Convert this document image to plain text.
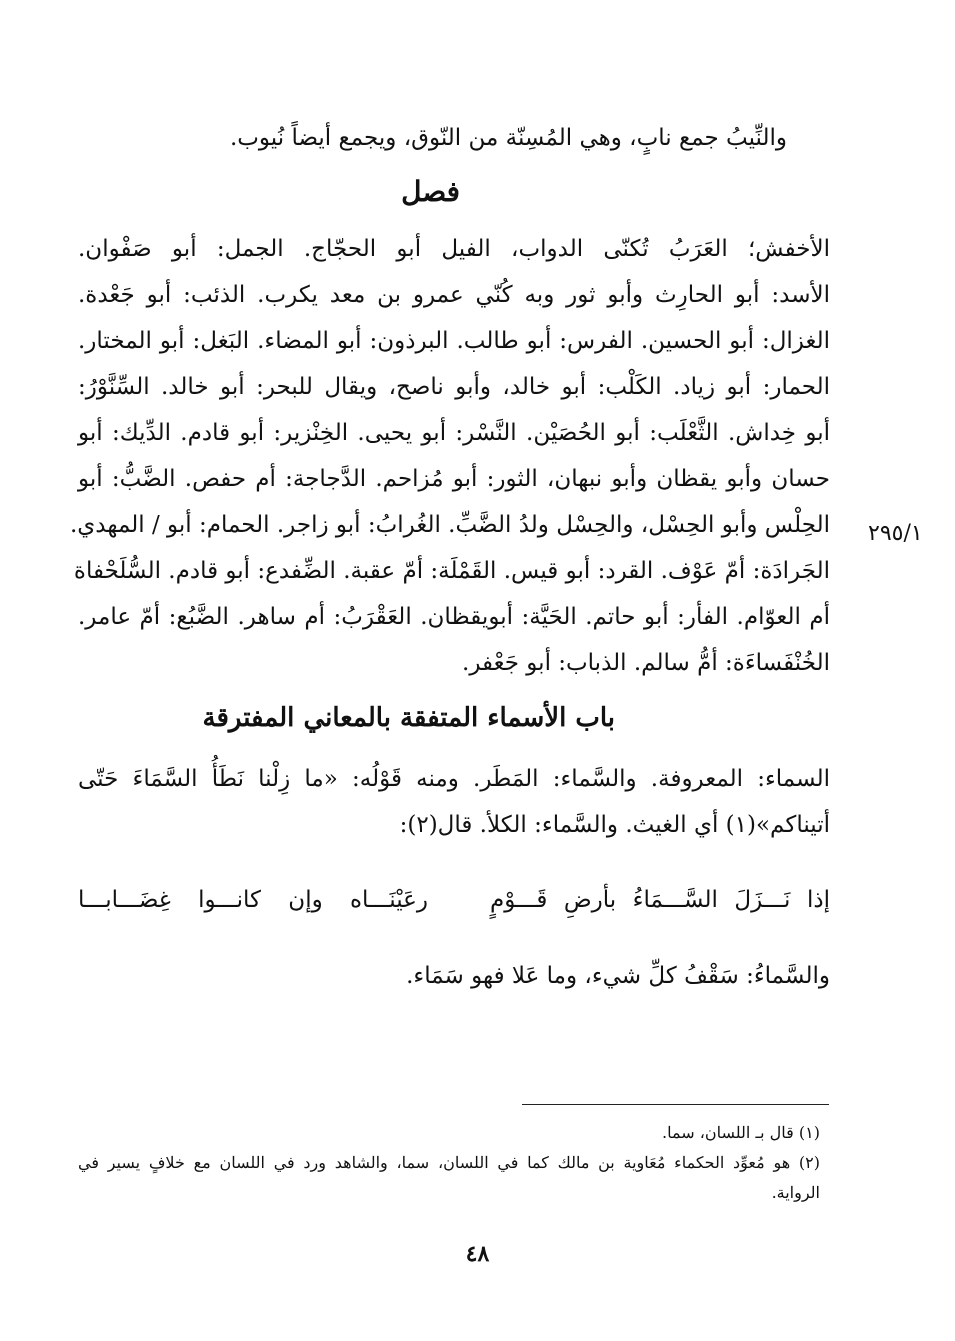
والنِّيبُ جمع نابٍ، وهي المُسِنّة من النّوق، ويجمع أيضاً نُيوب.
فصل
الأخفش؛ العَرَبُ تُكنّى الدواب، الفيل أبو الحجّاج. الجمل: أبو صَفْوان.
الأسد: أبو الحارِث وأبو ثور وبه كُنّي عمرو بن معد يكرب. الذئب: أبو جَعْدة.
الغزال: أبو الحسين. الفرس: أبو طالب. البرذون: أبو المضاء. البَغل: أبو المختار.
الحمار: أبو زياد. الكَلْب: أبو خالد، وأبو ناصح، ويقال للبحر: أبو خالد. السِّنَّوْرُ:
أبو خِداش. الثَّعْلَب: أبو الحُصَيْن. النَّسْر: أبو يحيى. الخِنْزير: أبو قادم. الدِّيك: أبو
حسان وأبو يقظان وأبو نبهان، الثور: أبو مُزاحم. الدَّجاجة: أم حفص. الضَّبُّ: أبو
الحِلْس وأبو الحِسْل، والحِسْل ولدُ الضَّبِّ. الغُرابُ: أبو زاجر. الحمام: أبو / المهدي.
الجَرادَة: أمّ عَوْف. القرد: أبو قيس. القَمْلَة: أمّ عقبة. الضِّفدع: أبو قادم. السُّلَحْفاة
أم العوّام. الفأر: أبو حاتم. الحَيَّة: أبويقظان. العَقْرَبُ: أم ساهر. الضَّبُع: أمّ عامر.
الخُنْفَساءَة: أمُّ سالم. الذباب: أبو جَعْفر.
٢٩٥/١
باب الأسماء المتفقة بالمعاني المفترقة
السماء: المعروفة. والسَّماء: المَطَر. ومنه قَوْلُه: «ما زِلْنا نَطَأُ السَّمَاءَ حَتّى
أتيناكم»(١) أي الغيث. والسَّماء: الكلأ. قال(٢):
إذا نَـــزَلَ السَّـــمَاءُ بأرضِ قَـــوْمٍ
رعَيْنَـــاه وإن كانـــوا غِضَـــابـــا
والسَّماءُ: سَقْفُ كلِّ شيء، وما عَلا فهو سَمَاء.
(١) قال بـ اللسان، سما.
(٢) هو مُعوِّد الحكماء مُعَاوية بن مالك كما في اللسان، سما، والشاهد ورد في اللسان مع خلافٍ يسير في
الرواية.
٤٨
